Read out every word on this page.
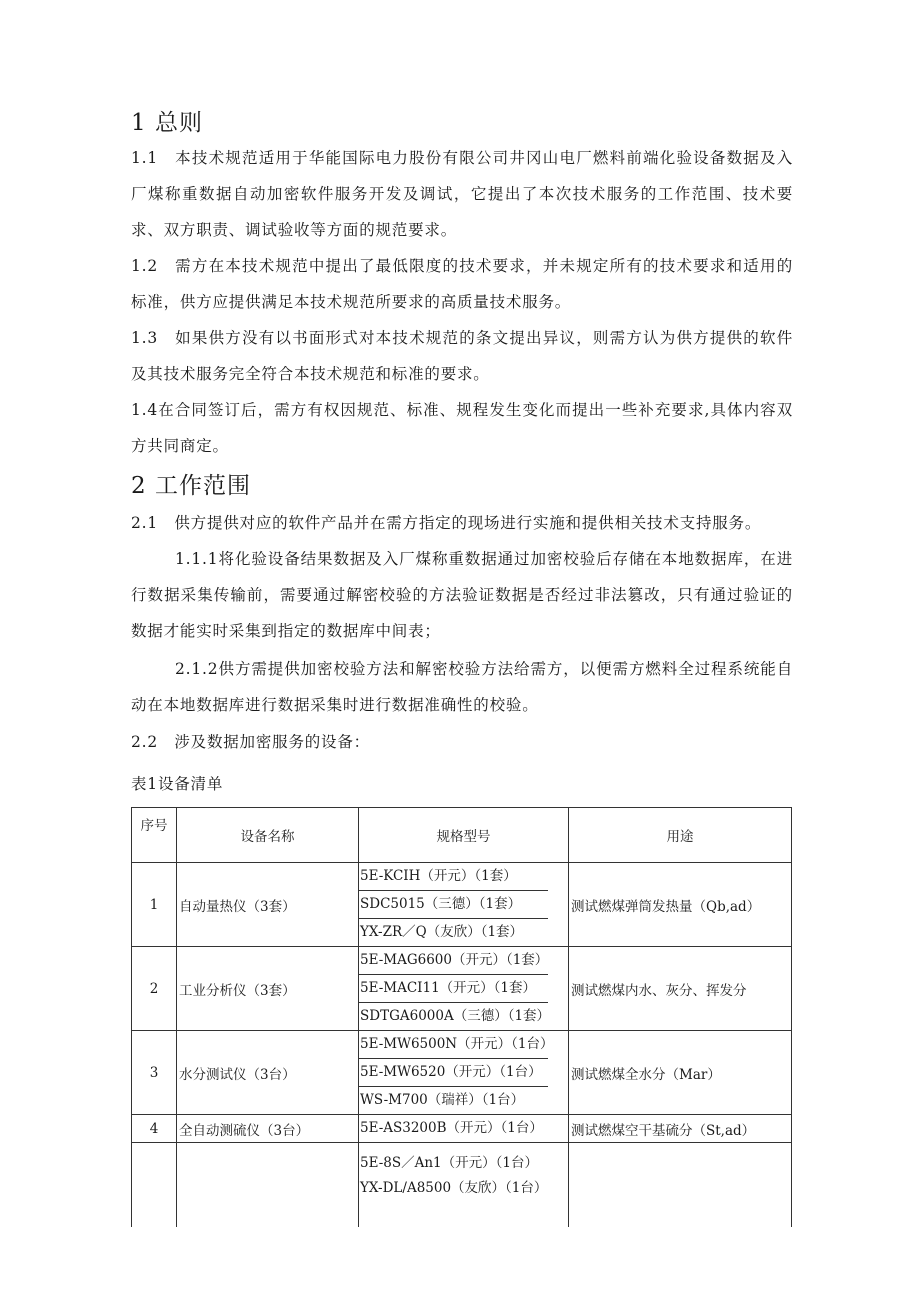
1 总则

1.1　本技术规范适用于华能国际电力股份有限公司井冈山电厂燃料前端化验设备数据及入厂煤称重数据自动加密软件服务开发及调试，它提出了本次技术服务的工作范围、技术要求、双方职责、调试验收等方面的规范要求。

1.2　需方在本技术规范中提出了最低限度的技术要求，并未规定所有的技术要求和适用的标准，供方应提供满足本技术规范所要求的高质量技术服务。

1.3　如果供方没有以书面形式对本技术规范的条文提出异议，则需方认为供方提供的软件及其技术服务完全符合本技术规范和标准的要求。

1.4在合同签订后，需方有权因规范、标准、规程发生变化而提出一些补充要求,具体内容双方共同商定。

2 工作范围

2.1　供方提供对应的软件产品并在需方指定的现场进行实施和提供相关技术支持服务。

1.1.1将化验设备结果数据及入厂煤称重数据通过加密校验后存储在本地数据库，在进行数据采集传输前，需要通过解密校验的方法验证数据是否经过非法篡改，只有通过验证的数据才能实时采集到指定的数据库中间表；

2.1.2供方需提供加密校验方法和解密校验方法给需方，以便需方燃料全过程系统能自动在本地数据库进行数据采集时进行数据准确性的校验。

2.2　涉及数据加密服务的设备：

表1设备清单

序号	设备名称	规格型号	用途
1	自动量热仪（3套）	5E-KCIH（开元）（1套）
SDC5015（三德）（1套）
YX-ZR／Q（友欣）（1套）	测试燃煤弹筒发热量（Qb,ad）
2	工业分析仪（3套）	5E-MAG6600（开元）（1套）
5E-MACI11（开元）（1套）
SDTGA6000A（三德）（1套）	测试燃煤内水、灰分、挥发分
3	水分测试仪（3台）	5E-MW6500N（开元）（1台）
5E-MW6520（开元）（1台）
WS-M700（瑞祥）（1台）	测试燃煤全水分（Mar）
4	全自动测硫仪（3台）	5E-AS3200B（开元）（1台）	测试燃煤空干基硫分（St,ad）

		5E-8S／An1（开元）（1台）
YX-DL/A8500（友欣）（1台）	
